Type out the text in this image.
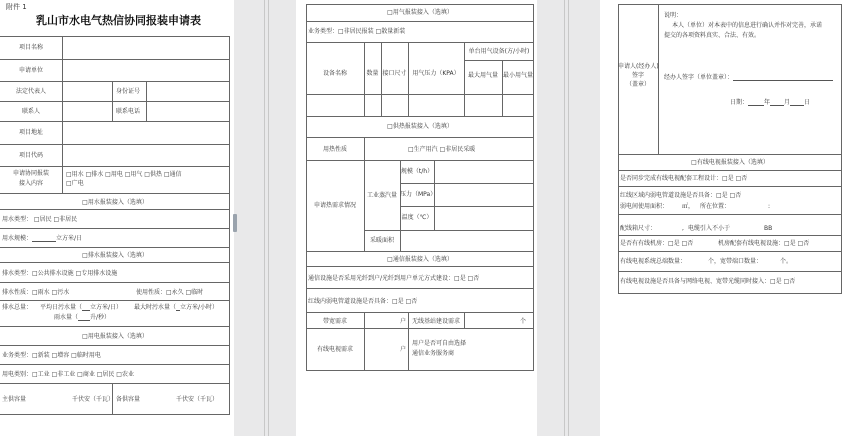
附件 1
乳山市水电气热信协同报装申请表
项目名称
申请单位
法定代表人	身份证号
联系人	联系电话
项目地址
项目代码
申请协同报装
接入内容
□用水 □排水 □用电 □用气 □供热 □通信
□广电
□用水报装接入（选填）
用水类型： □居民 □非居民
用水规模：	立方米/日
□排水报装接入（选填）
排水类型：□公共排水设施 □专用排水设施
排水性质：□雨水 □污水	使用性质：□永久 □临时
排水总量： 平均日污水量（ 立方米/日） 最大时污水量（ 立方米/小时）
雨水量（ 升/秒）
□用电报装接入（选填）
业务类型：□新装 □增容 □临时用电
用电类别：□工业 □非工业 □商业 □居民 □农业
主供容量	千伏安（千瓦） 备供容量	千伏安（千瓦）
□用气报装接入（选填）
业务类型：□非居民报装 □散量新装
设备名称	数量 接口尺寸 用气压力（KPA）
单台用气设备(方/小时)
最大用气量 最小用气量
□供热报装接入（选填）
用热性质	□生产用汽 □非居民采暖
申请热需求情况
工业蒸汽量
规模（t/h）
压力（MPa）
温度（℃）
采暖面积
□通信报装接入（选填）
通信设施是否采用光纤到户/光纤到用户单元方式建设：□是 □否
红线内弱电管道设施是否具备：□是 □否
带宽需求	户 无线基站建设需求	个
有线电视需求	户
用户是否可自由选择
通信业务服务商
申请人(经办人)
签字
（盖章）
说明：
本人（单位）对本表中的信息进行确认并作对完善，承诺
提交的各项资料真实、合法、有效。
经办人签字（单位盖章）：
日期：	年 月 日
□有线电视报装接入（选填）
是否同步完成有线电视配套工程设计：□是 □否
红线区域内弱电管道设施是否具备：□是 □否
弱电间使用面积： ㎡， 所在位置：	:
配线箱尺寸：	, 电缆引入不小于	BB
是否有有线机房：□是 □否	机房配套有线电视设施：□是 □否
有线电视系统总端数量：	个，宽带端口数量：	个。
有线电视设施是否具备与网络电视、宽带光缆同时接入：□是 □否
